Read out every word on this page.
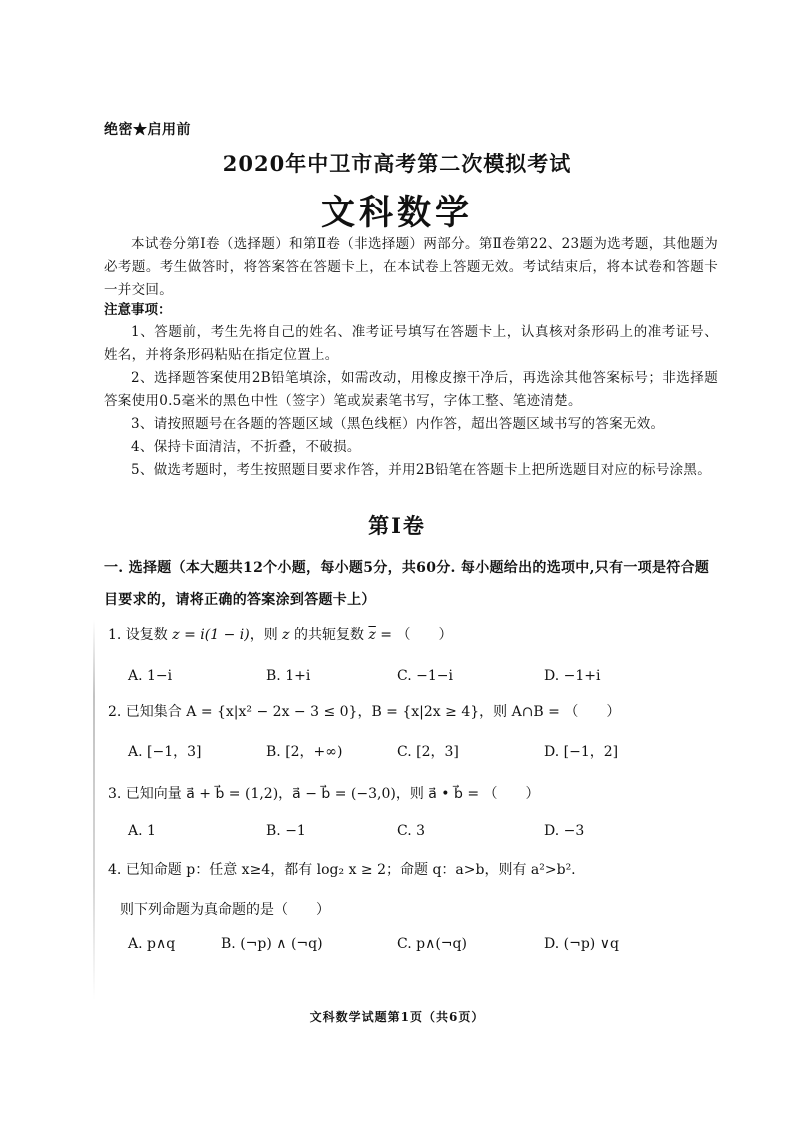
绝密★启用前
2020年中卫市高考第二次模拟考试
文科数学
本试卷分第Ⅰ卷（选择题）和第Ⅱ卷（非选择题）两部分。第Ⅱ卷第22、23题为选考题，其他题为必考题。考生做答时，将答案答在答题卡上，在本试卷上答题无效。考试结束后，将本试卷和答题卡一并交回。
注意事项：
1、答题前，考生先将自己的姓名、准考证号填写在答题卡上，认真核对条形码上的准考证号、姓名，并将条形码粘贴在指定位置上。
2、选择题答案使用2B铅笔填涂，如需改动，用橡皮擦干净后，再选涂其他答案标号；非选择题答案使用0.5毫米的黑色中性（签字）笔或炭素笔书写，字体工整、笔迹清楚。
3、请按照题号在各题的答题区域（黑色线框）内作答，超出答题区域书写的答案无效。
4、保持卡面清洁，不折叠，不破损。
5、做选考题时，考生按照题目要求作答，并用2B铅笔在答题卡上把所选题目对应的标号涂黑。
第Ⅰ卷
一. 选择题（本大题共12个小题，每小题5分，共60分. 每小题给出的选项中,只有一项是符合题目要求的，请将正确的答案涂到答题卡上）
1. 设复数 z = i(1 − i)，则 z 的共轭复数 $\overline{z}$ = （　　）
A. 1−i	B. 1+i	C. −1−i	D. −1+i
2. 已知集合 A = {x|x² − 2x − 3 ≤ 0}，B = {x|2x ≥ 4}，则 A∩B = （　　）
A. [−1，3]	B. [2，+∞)	C. [2，3]	D. [−1，2]
3. 已知向量 a⃗ + b⃗ = (1,2)，a⃗ − b⃗ = (−3,0)，则 a⃗ • b⃗ = （　　）
A. 1	B. −1	C. 3	D. −3
4. 已知命题 p：任意 x≥4，都有 log₂ x ≥ 2；命题 q：a>b，则有 a²>b².
则下列命题为真命题的是（　　）
A. p∧q	B. (¬p) ∧ (¬q)	C. p∧(¬q)	D. (¬p) ∨q
文科数学试题第1页（共6页）
